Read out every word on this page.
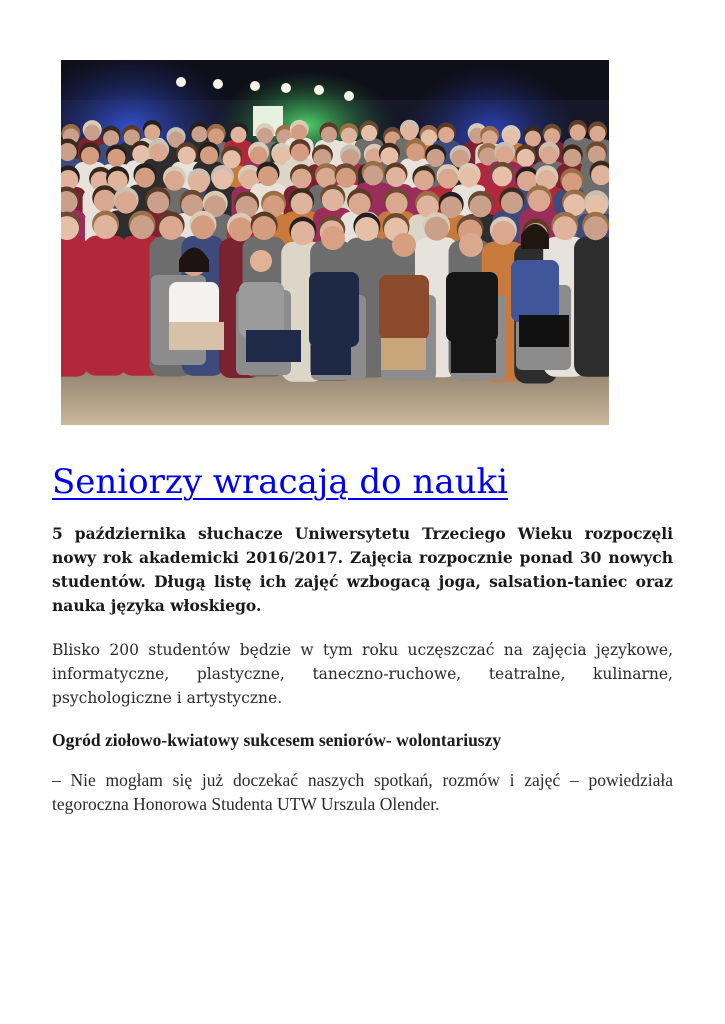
Seniorzy wracają do nauki

5 października słuchacze Uniwersytetu Trzeciego Wieku rozpoczęli nowy rok akademicki 2016/2017. Zajęcia rozpocznie ponad 30 nowych studentów. Długą listę ich zajęć wzbogacą joga, salsation-taniec oraz nauka języka włoskiego.

Blisko 200 studentów będzie w tym roku uczęszczać na zajęcia językowe, informatyczne, plastyczne, taneczno-ruchowe, teatralne, kulinarne, psychologiczne i artystyczne.

Ogród ziołowo-kwiatowy sukcesem seniorów- wolontariuszy

– Nie mogłam się już doczekać naszych spotkań, rozmów i zajęć – powiedziała tegoroczna Honorowa Studenta UTW Urszula Olender.
